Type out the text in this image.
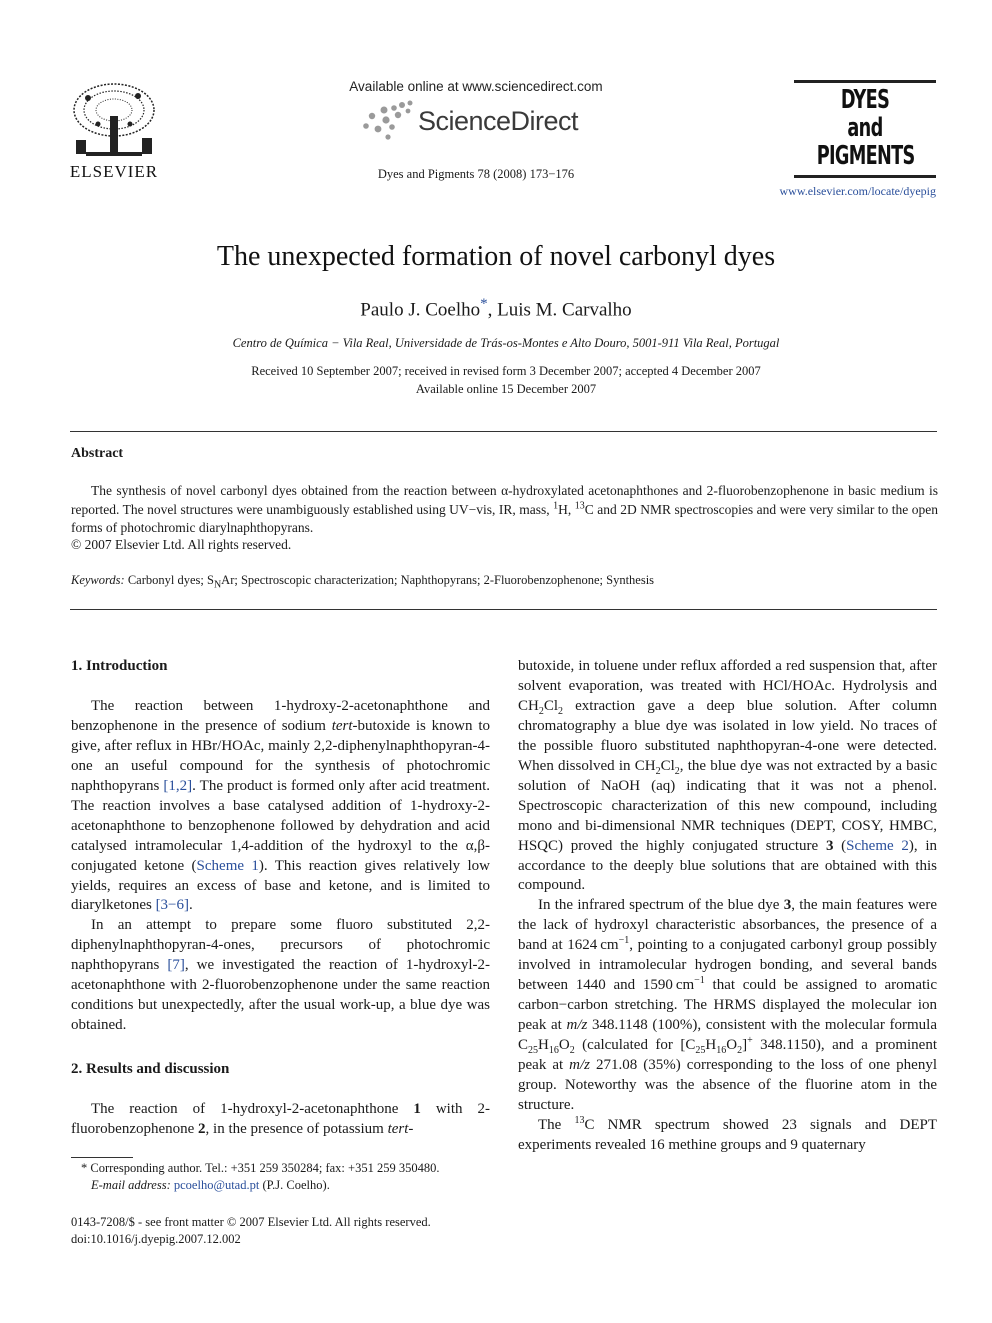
ELSEVIER
Available online at www.sciencedirect.com
ScienceDirect
Dyes and Pigments 78 (2008) 173−176
DYES
and
PIGMENTS
www.elsevier.com/locate/dyepig
The unexpected formation of novel carbonyl dyes
Paulo J. Coelho*, Luis M. Carvalho
Centro de Química − Vila Real, Universidade de Trás-os-Montes e Alto Douro, 5001-911 Vila Real, Portugal
Received 10 September 2007; received in revised form 3 December 2007; accepted 4 December 2007
Available online 15 December 2007
Abstract

The synthesis of novel carbonyl dyes obtained from the reaction between α-hydroxylated acetonaphthones and 2-fluorobenzophenone in basic medium is reported. The novel structures were unambiguously established using UV−vis, IR, mass, $^1$H, $^{13}$C and 2D NMR spectroscopies and were very similar to the open forms of photochromic diarylnaphthopyrans.

© 2007 Elsevier Ltd. All rights reserved.
Keywords: Carbonyl dyes; $S_NAr$; Spectroscopic characterization; Naphthopyrans; 2-Fluorobenzophenone; Synthesis

1. Introduction

The reaction between 1-hydroxy-2-acetonaphthone and benzophenone in the presence of sodium tert-butoxide is known to give, after reflux in HBr/HOAc, mainly 2,2-diphenylnaphthopyran-4-one an useful compound for the synthesis of photochromic naphthopyrans [1,2]. The product is formed only after acid treatment. The reaction involves a base catalysed addition of 1-hydroxy-2-acetonaphthone to benzophenone followed by dehydration and acid catalysed intramolecular 1,4-addition of the hydroxyl to the α,β-conjugated ketone (Scheme 1). This reaction gives relatively low yields, requires an excess of base and ketone, and is limited to diarylketones [3−6].

In an attempt to prepare some fluoro substituted 2,2-diphenylnaphthopyran-4-ones, precursors of photochromic naphthopyrans [7], we investigated the reaction of 1-hydroxyl-2-acetonaphthone with 2-fluorobenzophenone under the same reaction conditions but unexpectedly, after the usual work-up, a blue dye was obtained.

2. Results and discussion

The reaction of 1-hydroxyl-2-acetonaphthone 1 with 2-fluorobenzophenone 2, in the presence of potassium tert-

butoxide, in toluene under reflux afforded a red suspension that, after solvent evaporation, was treated with HCl/HOAc. Hydrolysis and $CH_2Cl_2$ extraction gave a deep blue solution. After column chromatography a blue dye was isolated in low yield. No traces of the possible fluoro substituted naphthopyran-4-one were detected. When dissolved in $CH_2Cl_2$, the blue dye was not extracted by a basic solution of NaOH (aq) indicating that it was not a phenol. Spectroscopic characterization of this new compound, including mono and bi-dimensional NMR techniques (DEPT, COSY, HMBC, HSQC) proved the highly conjugated structure 3 (Scheme 2), in accordance to the deeply blue solutions that are obtained with this compound.

In the infrared spectrum of the blue dye 3, the main features were the lack of hydroxyl characteristic absorbances, the presence of a band at 1624 $cm^{-1}$, pointing to a conjugated carbonyl group possibly involved in intramolecular hydrogen bonding, and several bands between 1440 and 1590 $cm^{-1}$ that could be assigned to aromatic carbon−carbon stretching. The HRMS displayed the molecular ion peak at m/z 348.1148 (100%), consistent with the molecular formula $C_{25}H_{16}O_2$ (calculated for $[C_{25}H_{16}O_2]^+$ 348.1150), and a prominent peak at m/z 271.08 (35%) corresponding to the loss of one phenyl group. Noteworthy was the absence of the fluorine atom in the structure.

The $^{13}$C NMR spectrum showed 23 signals and DEPT experiments revealed 16 methine groups and 9 quaternary

* Corresponding author. Tel.: +351 259 350284; fax: +351 259 350480.
E-mail address: pcoelho@utad.pt (P.J. Coelho).
0143-7208/$ - see front matter © 2007 Elsevier Ltd. All rights reserved.
doi:10.1016/j.dyepig.2007.12.002
